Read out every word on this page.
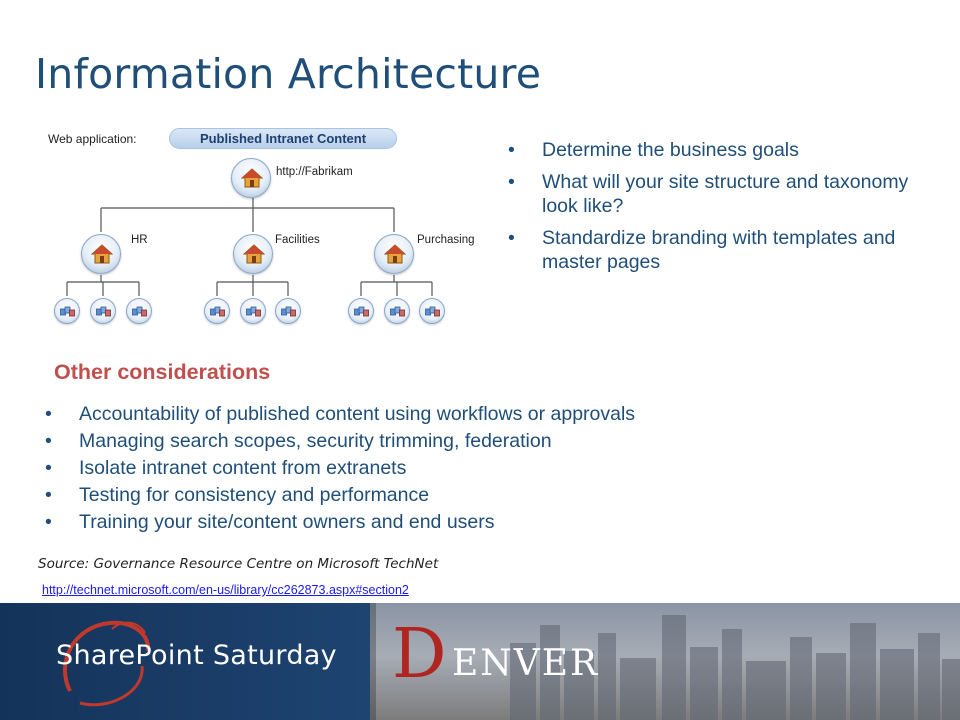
Information Architecture
Web application:	Published Intranet Content
http://Fabrikam
HR	Facilities	Purchasing
• Determine the business goals
• What will your site structure and taxonomy look like?
• Standardize branding with templates and master pages
Other considerations
• Accountability of published content using workflows or approvals
• Managing search scopes, security trimming, federation
• Isolate intranet content from extranets
• Testing for consistency and performance
• Training your site/content owners and end users
Source: Governance Resource Centre on Microsoft TechNet
http://technet.microsoft.com/en-us/library/cc262873.aspx#section2
SharePoint Saturday D ENVER
